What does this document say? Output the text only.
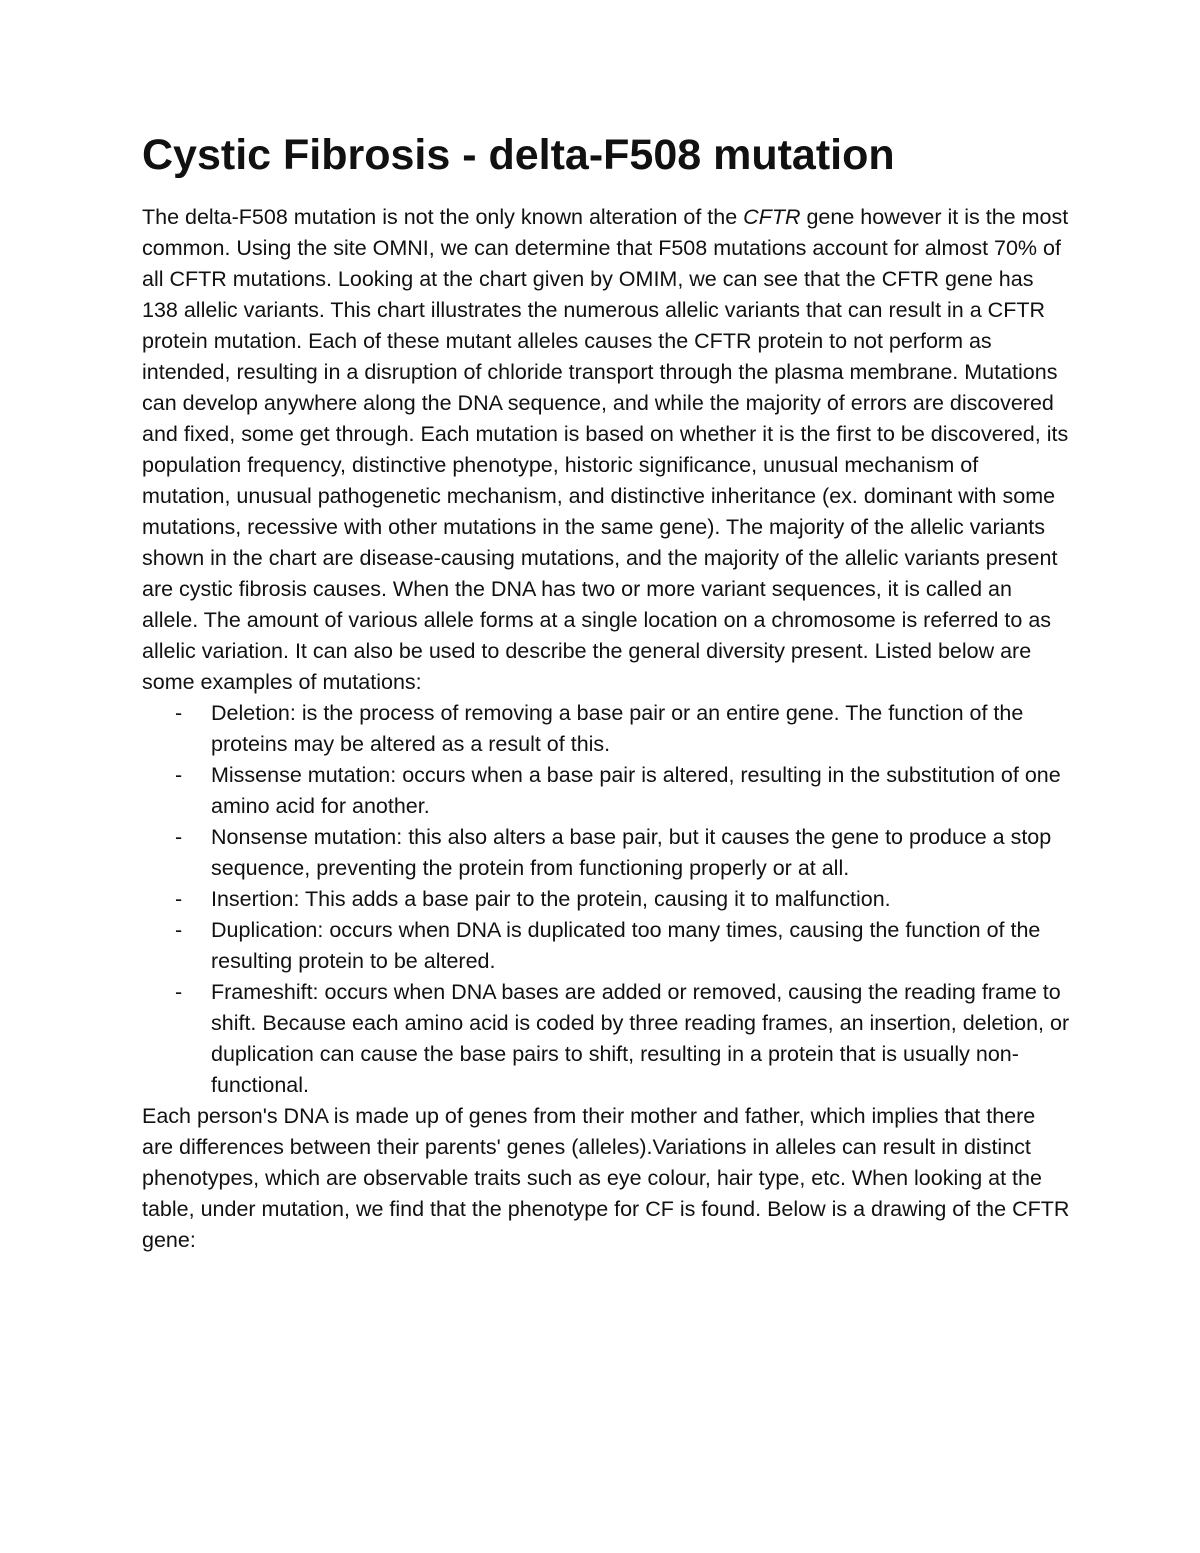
Cystic Fibrosis - delta-F508 mutation

The delta-F508 mutation is not the only known alteration of the CFTR gene however it is the most common. Using the site OMNI, we can determine that F508 mutations account for almost 70% of all CFTR mutations. Looking at the chart given by OMIM, we can see that the CFTR gene has 138 allelic variants. This chart illustrates the numerous allelic variants that can result in a CFTR protein mutation. Each of these mutant alleles causes the CFTR protein to not perform as intended, resulting in a disruption of chloride transport through the plasma membrane. Mutations can develop anywhere along the DNA sequence, and while the majority of errors are discovered and fixed, some get through. Each mutation is based on whether it is the first to be discovered, its population frequency, distinctive phenotype, historic significance, unusual mechanism of mutation, unusual pathogenetic mechanism, and distinctive inheritance (ex. dominant with some mutations, recessive with other mutations in the same gene). The majority of the allelic variants shown in the chart are disease-causing mutations, and the majority of the allelic variants present are cystic fibrosis causes. When the DNA has two or more variant sequences, it is called an allele. The amount of various allele forms at a single location on a chromosome is referred to as allelic variation. It can also be used to describe the general diversity present. Listed below are some examples of mutations:

- Deletion: is the process of removing a base pair or an entire gene. The function of the proteins may be altered as a result of this.
- Missense mutation: occurs when a base pair is altered, resulting in the substitution of one amino acid for another.
- Nonsense mutation: this also alters a base pair, but it causes the gene to produce a stop sequence, preventing the protein from functioning properly or at all.
- Insertion: This adds a base pair to the protein, causing it to malfunction.
- Duplication: occurs when DNA is duplicated too many times, causing the function of the resulting protein to be altered.
- Frameshift: occurs when DNA bases are added or removed, causing the reading frame to shift. Because each amino acid is coded by three reading frames, an insertion, deletion, or duplication can cause the base pairs to shift, resulting in a protein that is usually non-functional.

Each person's DNA is made up of genes from their mother and father, which implies that there are differences between their parents' genes (alleles).Variations in alleles can result in distinct phenotypes, which are observable traits such as eye colour, hair type, etc. When looking at the table, under mutation, we find that the phenotype for CF is found. Below is a drawing of the CFTR gene:
